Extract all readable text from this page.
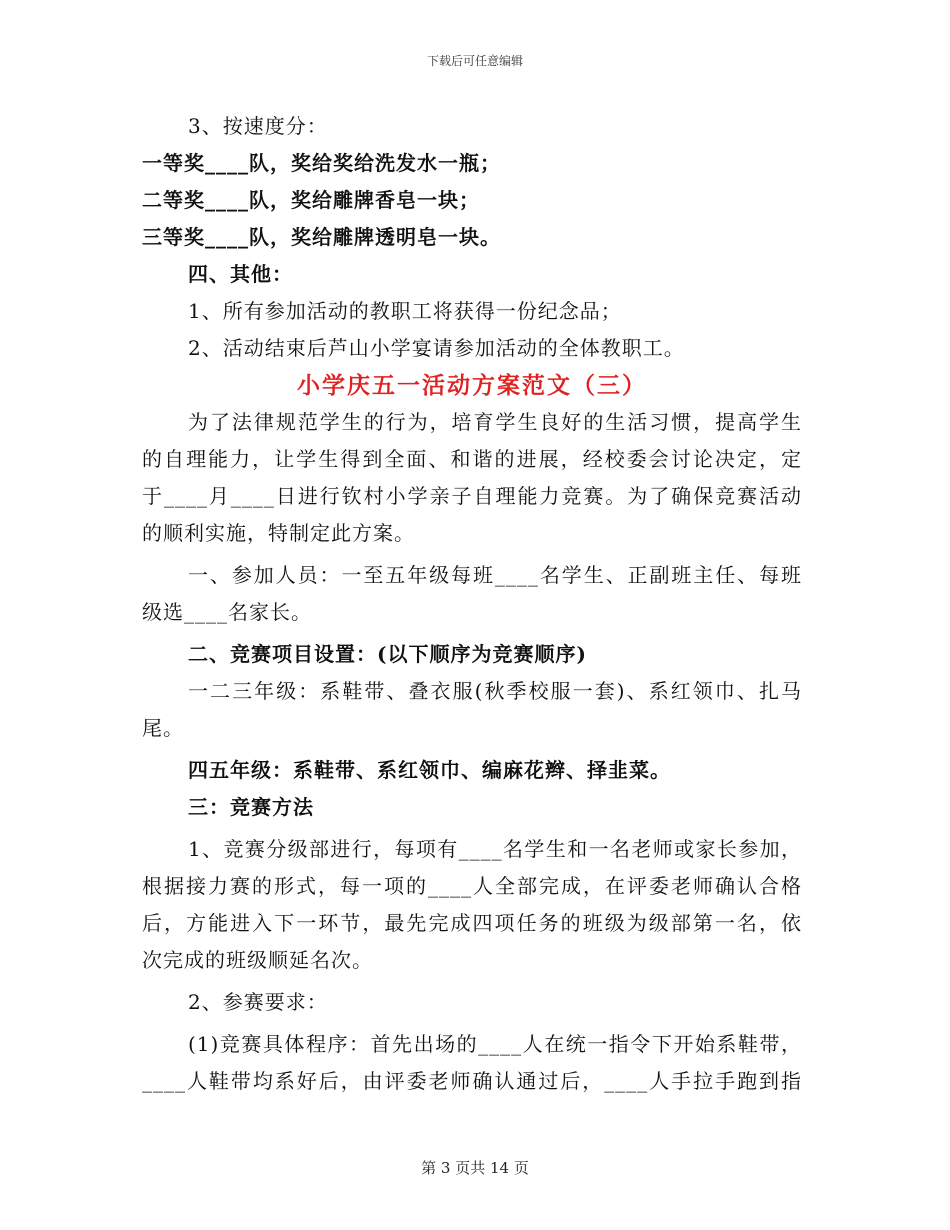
下载后可任意编辑
3、按速度分：
一等奖____队，奖给奖给洗发水一瓶；
二等奖____队，奖给雕牌香皂一块；
三等奖____队，奖给雕牌透明皂一块。
四、其他：
1、所有参加活动的教职工将获得一份纪念品；
2、活动结束后芦山小学宴请参加活动的全体教职工。
小学庆五一活动方案范文（三）
为了法律规范学生的行为，培育学生良好的生活习惯，提高学生
的自理能力，让学生得到全面、和谐的进展，经校委会讨论决定，定
于____月____日进行钦村小学亲子自理能力竞赛。为了确保竞赛活动
的顺利实施，特制定此方案。
一、参加人员：一至五年级每班____名学生、正副班主任、每班
级选____名家长。
二、竞赛项目设置：(以下顺序为竞赛顺序)
一二三年级：系鞋带、叠衣服(秋季校服一套)、系红领巾、扎马
尾。
四五年级：系鞋带、系红领巾、编麻花辫、择韭菜。
三：竞赛方法
1、竞赛分级部进行，每项有____名学生和一名老师或家长参加，
根据接力赛的形式，每一项的____人全部完成，在评委老师确认合格
后，方能进入下一环节，最先完成四项任务的班级为级部第一名，依
次完成的班级顺延名次。
2、参赛要求：
(1)竞赛具体程序：首先出场的____人在统一指令下开始系鞋带，
____人鞋带均系好后，由评委老师确认通过后，____人手拉手跑到指
第 3 页共 14 页
